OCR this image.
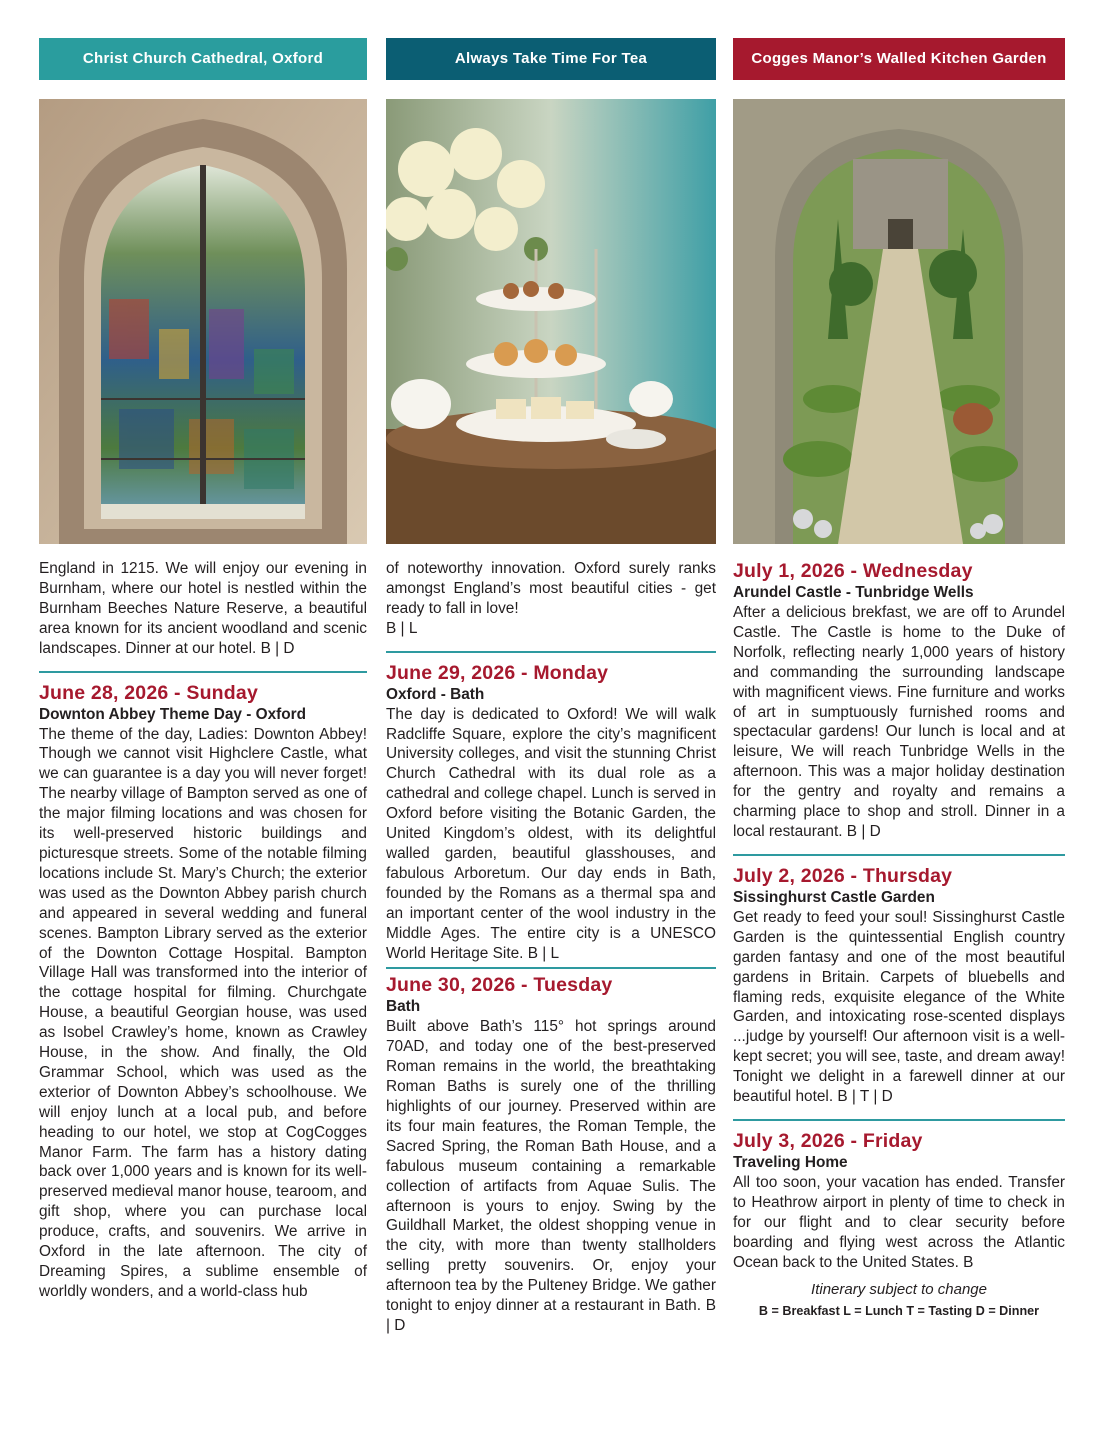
Christ Church Cathedral, Oxford

England in 1215. We will enjoy our evening in Burnham, where our hotel is nestled within the Burnham Beeches Nature Reserve, a beautiful area known for its ancient woodland and scenic landscapes. Dinner at our hotel. B | D

June 28, 2026 - Sunday
Downton Abbey Theme Day - Oxford

The theme of the day, Ladies: Downton Abbey! Though we cannot visit Highclere Castle, what we can guarantee is a day you will never forget! The nearby village of Bampton served as one of the major filming locations and was chosen for its well-preserved historic buildings and picturesque streets. Some of the notable filming locations include St. Mary’s Church; the exterior was used as the Downton Abbey parish church and appeared in several wedding and funeral scenes. Bampton Library served as the exterior of the Downton Cottage Hospital. Bampton Village Hall was transformed into the interior of the cottage hospital for filming. Churchgate House, a beautiful Georgian house, was used as Isobel Crawley’s home, known as Crawley House, in the show. And finally, the Old Grammar School, which was used as the exterior of Downton Abbey’s schoolhouse. We will enjoy lunch at a local pub, and before heading to our hotel, we stop at CogCogges Manor Farm. The farm has a history dating back over 1,000 years and is known for its well-preserved medieval manor house, tearoom, and gift shop, where you can purchase local produce, crafts, and souvenirs. We arrive in Oxford in the late afternoon. The city of Dreaming Spires, a sublime ensemble of worldly wonders, and a world-class hub

Always Take Time For Tea

of noteworthy innovation. Oxford surely ranks amongst England’s most beautiful cities - get ready to fall in love!

B | L

June 29, 2026 - Monday
Oxford - Bath

The day is dedicated to Oxford! We will walk Radcliffe Square, explore the city’s magnificent University colleges, and visit the stunning Christ Church Cathedral with its dual role as a cathedral and college chapel. Lunch is served in Oxford before visiting the Botanic Garden, the United Kingdom’s oldest, with its delightful walled garden, beautiful glasshouses, and fabulous Arboretum. Our day ends in Bath, founded by the Romans as a thermal spa and an important center of the wool industry in the Middle Ages. The entire city is a UNESCO World Heritage Site. B | L

June 30, 2026 - Tuesday
Bath

Built above Bath’s 115° hot springs around 70AD, and today one of the best-preserved Roman remains in the world, the breathtaking Roman Baths is surely one of the thrilling highlights of our journey. Preserved within are its four main features, the Roman Temple, the Sacred Spring, the Roman Bath House, and a fabulous museum containing a remarkable collection of artifacts from Aquae Sulis. The afternoon is yours to enjoy. Swing by the Guildhall Market, the oldest shopping venue in the city, with more than twenty stallholders selling pretty souvenirs. Or, enjoy your afternoon tea by the Pulteney Bridge. We gather tonight to enjoy dinner at a restaurant in Bath. B | D

Cogges Manor’s Walled Kitchen Garden
July 1, 2026 - Wednesday
Arundel Castle - Tunbridge Wells

After a delicious brekfast, we are off to Arundel Castle. The Castle is home to the Duke of Norfolk, reflecting nearly 1,000 years of history and commanding the surrounding landscape with magnificent views. Fine furniture and works of art in sumptuously furnished rooms and spectacular gardens! Our lunch is local and at leisure, We will reach Tunbridge Wells in the afternoon. This was a major holiday destination for the gentry and royalty and remains a charming place to shop and stroll. Dinner in a local restaurant. B | D

July 2, 2026 - Thursday
Sissinghurst Castle Garden

Get ready to feed your soul! Sissinghurst Castle Garden is the quintessential English country garden fantasy and one of the most beautiful gardens in Britain. Carpets of bluebells and flaming reds, exquisite elegance of the White Garden, and intoxicating rose-scented displays ...judge by yourself! Our afternoon visit is a well-kept secret; you will see, taste, and dream away! Tonight we delight in a farewell dinner at our beautiful hotel. B | T | D

July 3, 2026 - Friday
Traveling Home

All too soon, your vacation has ended. Transfer to Heathrow airport in plenty of time to check in for our flight and to clear security before boarding and flying west across the Atlantic Ocean back to the United States. B

Itinerary subject to change
B = Breakfast L = Lunch T = Tasting D = Dinner
